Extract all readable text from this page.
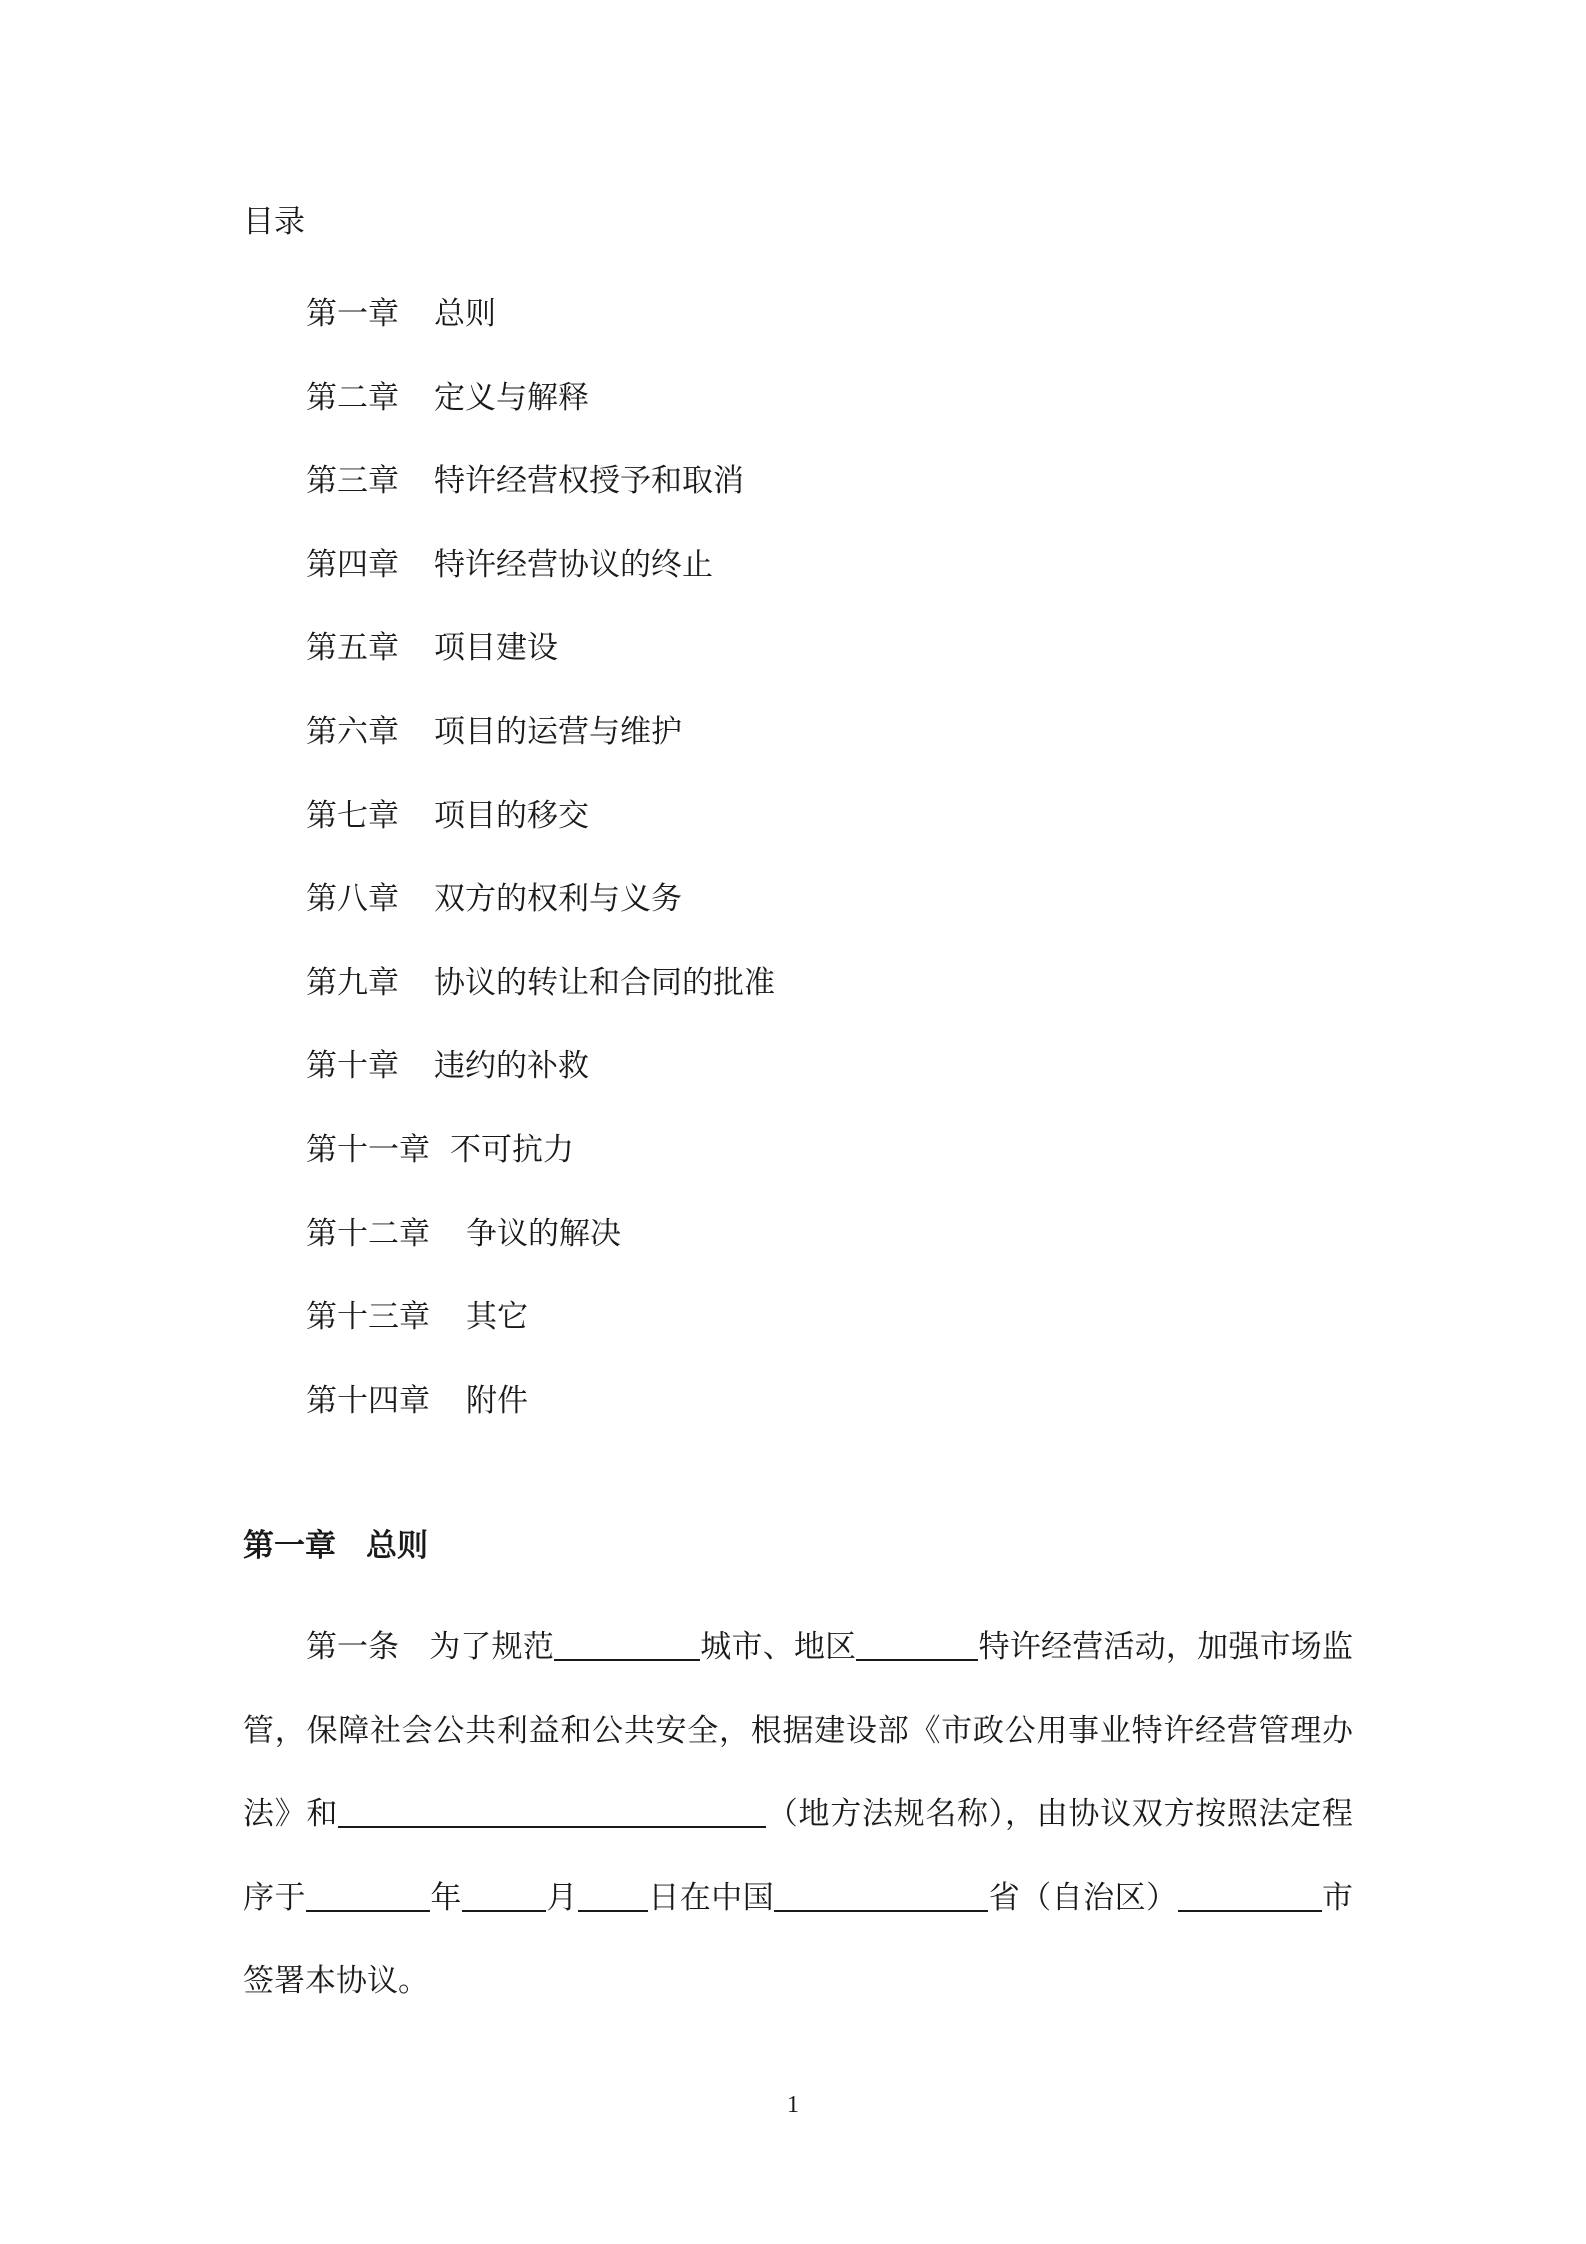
目录
第一章	总则
第二章	定义与解释
第三章	特许经营权授予和取消
第四章	特许经营协议的终止
第五章	项目建设
第六章	项目的运营与维护
第七章	项目的移交
第八章	双方的权利与义务
第九章	协议的转让和合同的批准
第十章	违约的补救
第十一章 不可抗力
第十二章	争议的解决
第十三章	其它
第十四章	附件
第一章 总则

第一条 为了规范	城市、地区	特许经营活动，加强市场监管，保障社会公共利益和公共安全，根据建设部《市政公用事业特许经营管理办法》和	（地方法规名称），由协议双方按照法定程序于	年	月 日在中国	省（自治区）	市签署本协议。

1
